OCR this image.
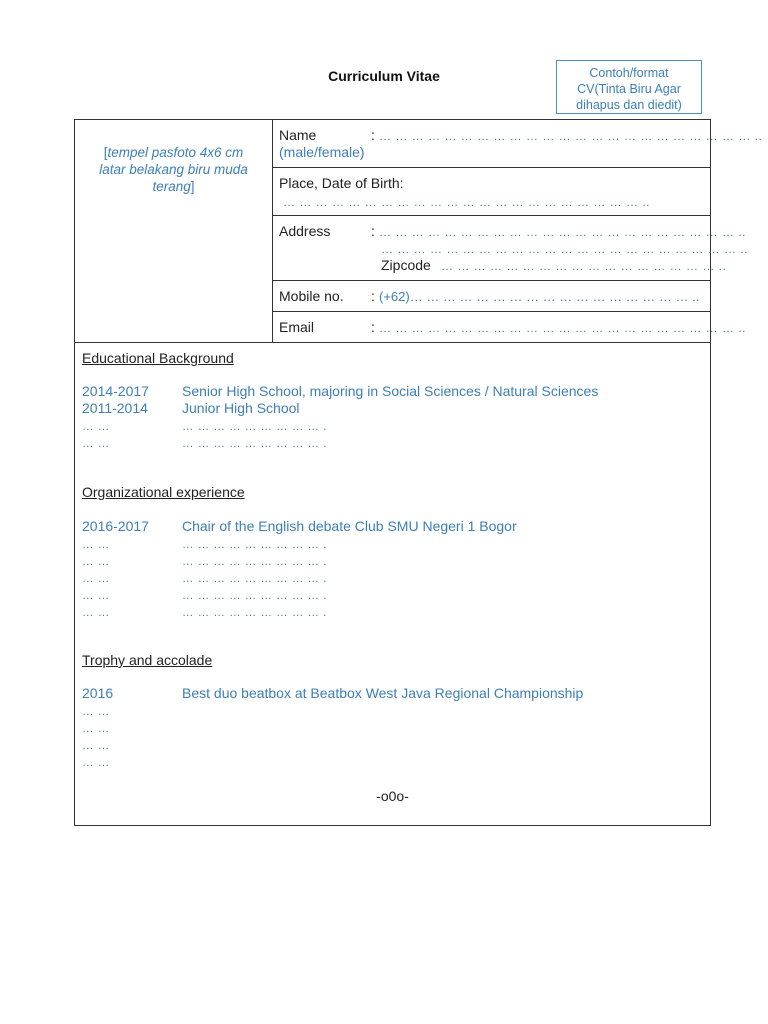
Curriculum Vitae	Contoh/format
CV(Tinta Biru Agar
dihapus dan diedit)
[tempel pasfoto 4x6 cm
latar belakang biru muda
terang]
Name	: … … … … … … … … … … … … … … … … … … … … … … … ..
(male/female)
Place, Date of Birth:
… … … … … … … … … … … … … … … … … … … … … … ..
Address	: … … … … … … … … … … … … … … … … … … … … … … ..
… … … … … … … … … … … … … … … … … … … … … … ..
Zipcode … … … … … … … … … … … … … … … … … ..
Mobile no. : (+62)… … … … … … … … … … … … … … … … … ..
Email	: … … … … … … … … … … … … … … … … … … … … … … ..
Educational Background
2014-2017 Senior High School, majoring in Social Sciences / Natural Sciences
2011-2014 Junior High School
… …	… … … … … … … … … .
… …	… … … … … … … … … .
Organizational experience
2016-2017 Chair of the English debate Club SMU Negeri 1 Bogor
… …	… … … … … … … … … .
… …	… … … … … … … … … .
… …	… … … … … … … … … .
… …	… … … … … … … … … .
… …	… … … … … … … … … .
Trophy and accolade
2016	Best duo beatbox at Beatbox West Java Regional Championship
… …
… …
… …
… …
-o0o-
